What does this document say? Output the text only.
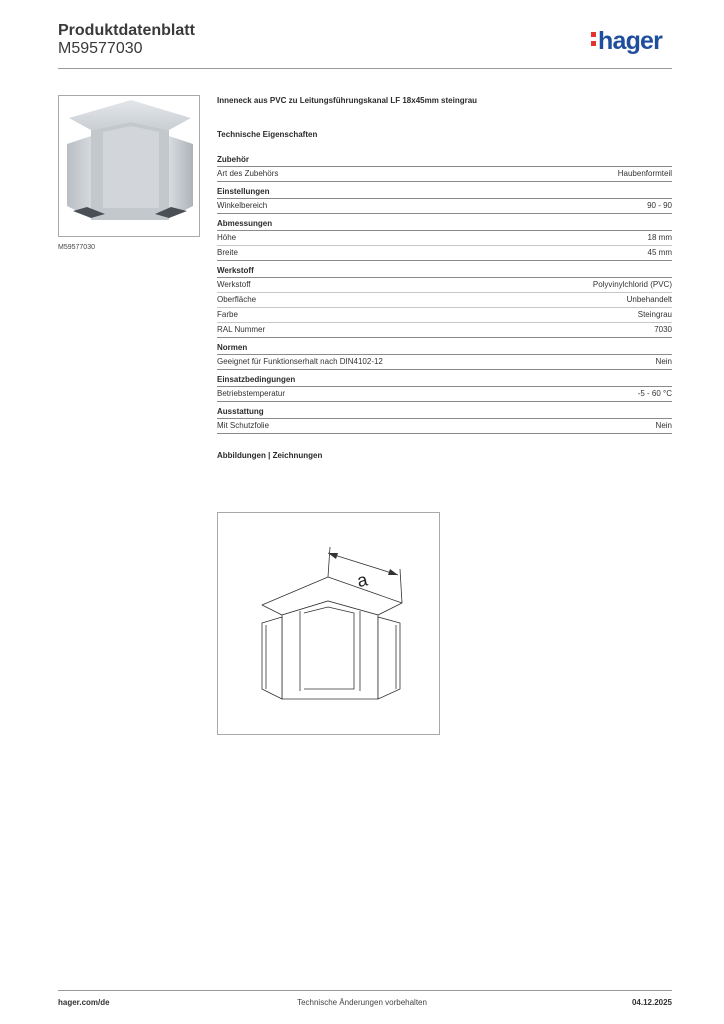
Produktdatenblatt
M59577030	hager
M59577030
Inneneck aus PVC zu Leitungsführungskanal LF 18x45mm steingrau
Technische Eigenschaften
Zubehör
Art des Zubehörs	Haubenformteil
Einstellungen
Winkelbereich	90 - 90
Abmessungen
Höhe	18 mm
Breite	45 mm
Werkstoff
Werkstoff	Polyvinylchlorid (PVC)
Oberfläche	Unbehandelt
Farbe	Steingrau
RAL Nummer	7030
Normen
Geeignet für Funktionserhalt nach DIN4102-12	Nein
Einsatzbedingungen
Betriebstemperatur	-5 - 60 °C
Ausstattung
Mit Schutzfolie	Nein
Abbildungen | Zeichnungen
a
Technische Änderungen vorbehalten
hager.com/de	04.12.2025
